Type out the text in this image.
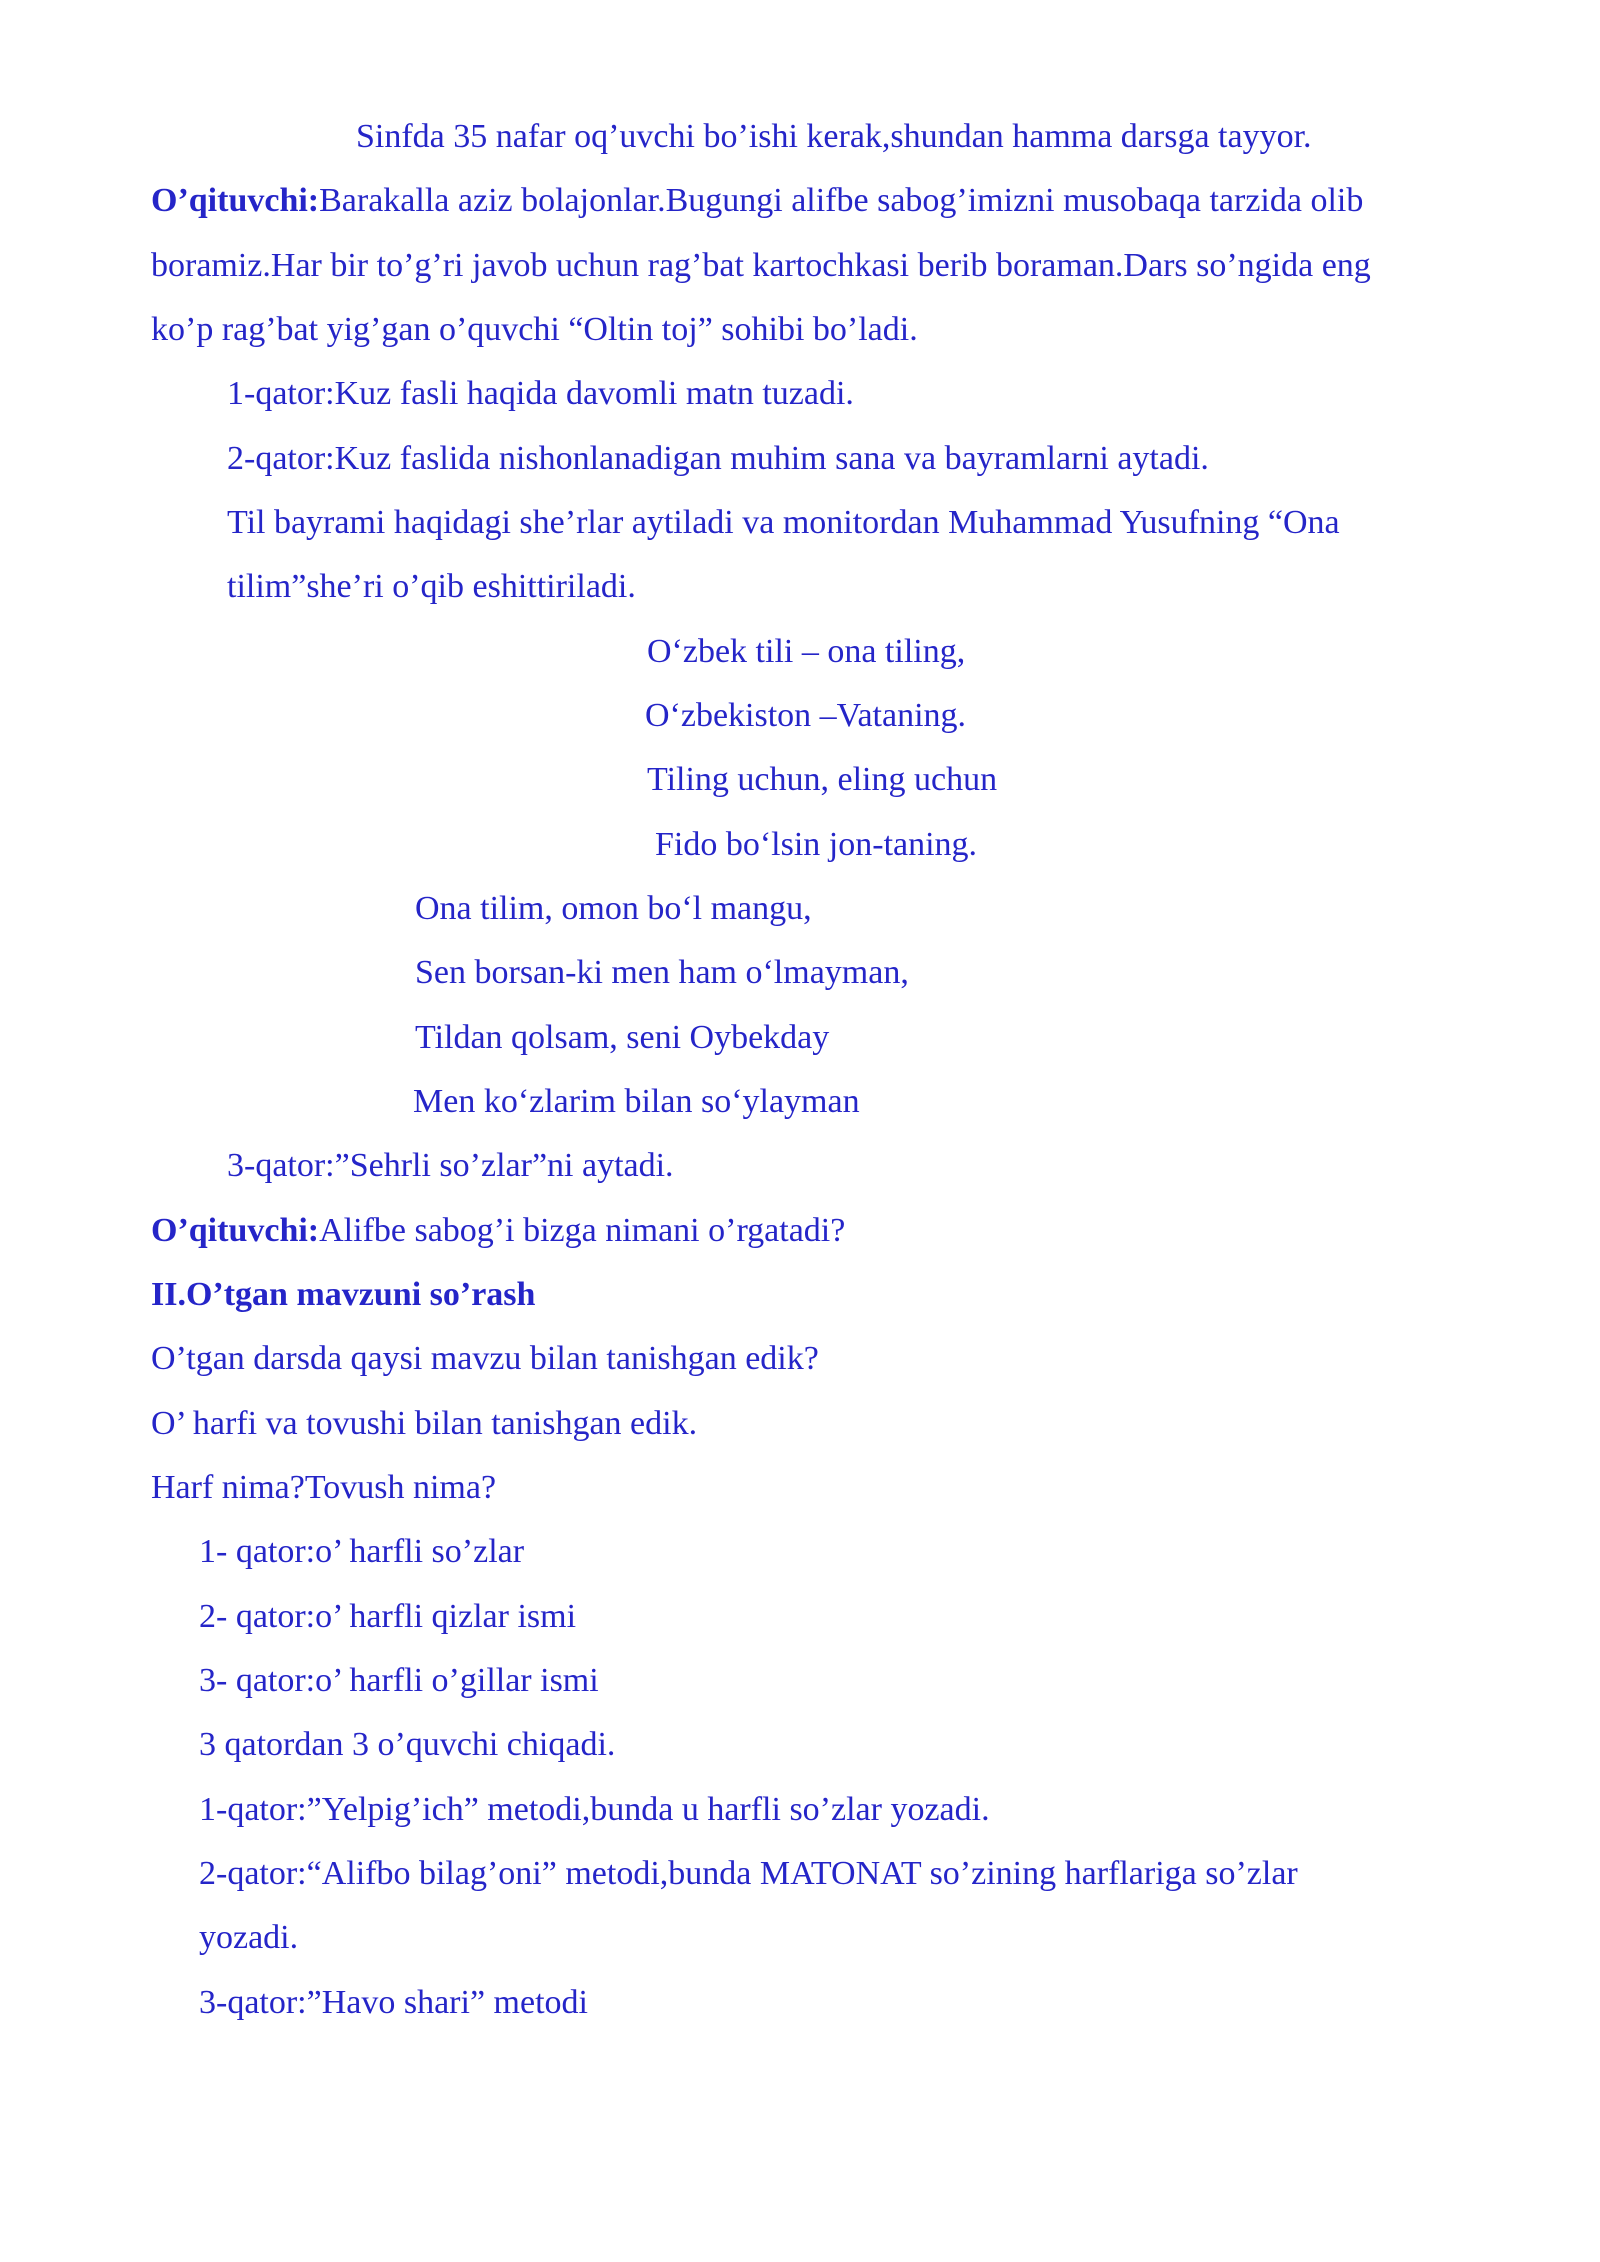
Sinfda 35 nafar oq’uvchi bo’ishi kerak,shundan hamma darsga tayyor.
O’qituvchi:Barakalla aziz bolajonlar.Bugungi alifbe sabog’imizni musobaqa tarzida olib
boramiz.Har bir to’g’ri javob uchun rag’bat kartochkasi berib boraman.Dars so’ngida eng
ko’p rag’bat yig’gan o’quvchi “Oltin toj” sohibi bo’ladi.
1-qator:Kuz fasli haqida davomli matn tuzadi.
2-qator:Kuz faslida nishonlanadigan muhim sana va bayramlarni aytadi.
Til bayrami haqidagi she’rlar aytiladi va monitordan Muhammad Yusufning “Ona
tilim”she’ri o’qib eshittiriladi.
O‘zbek tili – ona tiling,
O‘zbekiston –Vataning.
Tiling uchun, eling uchun
Fido bo‘lsin jon-taning.
Ona tilim, omon bo‘l mangu,
Sen borsan-ki men ham o‘lmayman,
Tildan qolsam, seni Oybekday
Men ko‘zlarim bilan so‘ylayman
3-qator:”Sehrli so’zlar”ni aytadi.
O’qituvchi:Alifbe sabog’i bizga nimani o’rgatadi?
II.O’tgan mavzuni so’rash
O’tgan darsda qaysi mavzu bilan tanishgan edik?
O’ harfi va tovushi bilan tanishgan edik.
Harf nima?Tovush nima?
1- qator:o’ harfli so’zlar
2- qator:o’ harfli qizlar ismi
3- qator:o’ harfli o’gillar ismi
3 qatordan 3 o’quvchi chiqadi.
1-qator:”Yelpig’ich” metodi,bunda u harfli so’zlar yozadi.
2-qator:“Alifbo bilag’oni” metodi,bunda MATONAT so’zining harflariga so’zlar
yozadi.
3-qator:”Havo shari” metodi
